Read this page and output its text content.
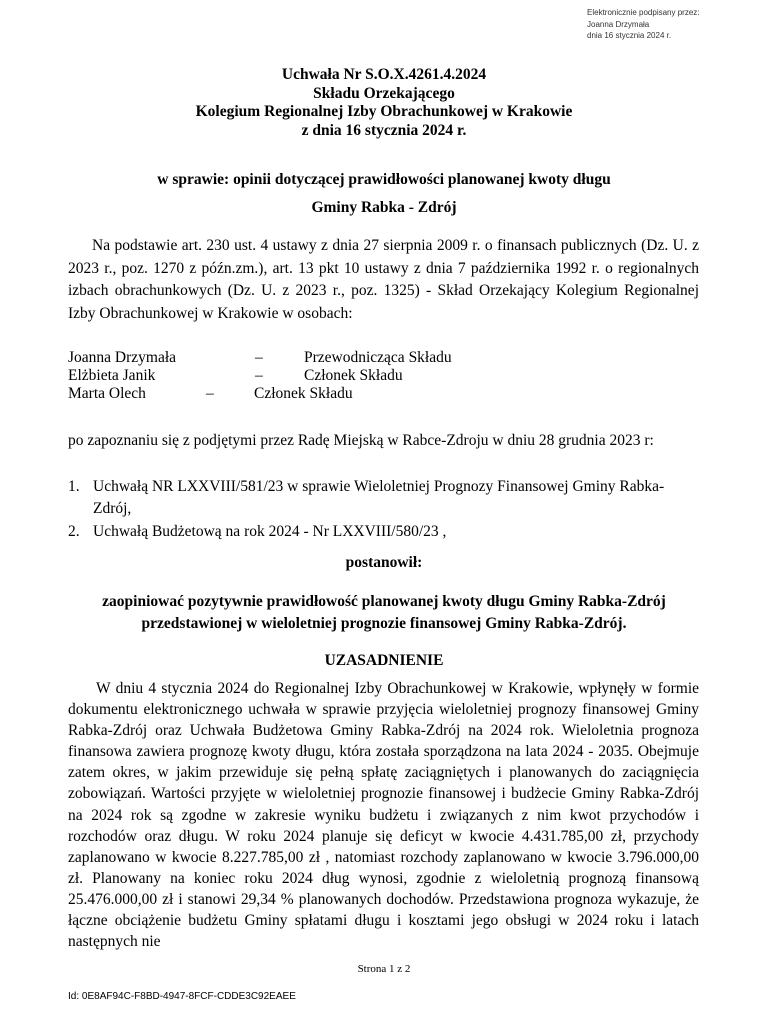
Elektronicznie podpisany przez:
Joanna Drzymała
dnia 16 stycznia 2024 r.
Uchwała Nr S.O.X.4261.4.2024
Składu Orzekającego
Kolegium Regionalnej Izby Obrachunkowej w Krakowie
z dnia 16 stycznia 2024 r.
w sprawie: opinii dotyczącej prawidłowości planowanej kwoty długu
Gminy Rabka - Zdrój
Na podstawie art. 230 ust. 4 ustawy z dnia 27 sierpnia 2009 r. o finansach publicznych (Dz. U. z 2023 r., poz. 1270 z późn.zm.), art. 13 pkt 10 ustawy z dnia 7 października 1992 r. o regionalnych izbach obrachunkowych (Dz. U. z 2023 r., poz. 1325) - Skład Orzekający Kolegium Regionalnej Izby Obrachunkowej w Krakowie w osobach:
Joanna Drzymała	–	Przewodnicząca Składu
Elżbieta Janik	–	Członek Składu
Marta Olech	–	Członek Składu
po zapoznaniu się z podjętymi przez Radę Miejską w Rabce-Zdroju w dniu 28 grudnia 2023 r:
1. Uchwałą NR LXXVIII/581/23 w sprawie Wieloletniej Prognozy Finansowej Gminy Rabka-Zdrój,
2. Uchwałą Budżetową na rok 2024 - Nr LXXVIII/580/23 ,
postanowił:
zaopiniować pozytywnie prawidłowość planowanej kwoty długu Gminy Rabka-Zdrój
przedstawionej w wieloletniej prognozie finansowej Gminy Rabka-Zdrój.
UZASADNIENIE
W dniu 4 stycznia 2024 do Regionalnej Izby Obrachunkowej w Krakowie, wpłynęły w formie dokumentu elektronicznego uchwała w sprawie przyjęcia wieloletniej prognozy finansowej Gminy Rabka-Zdrój oraz Uchwała Budżetowa Gminy Rabka-Zdrój na 2024 rok. Wieloletnia prognoza finansowa zawiera prognozę kwoty długu, która została sporządzona na lata 2024 - 2035. Obejmuje zatem okres, w jakim przewiduje się pełną spłatę zaciągniętych i planowanych do zaciągnięcia zobowiązań. Wartości przyjęte w wieloletniej prognozie finansowej i budżecie Gminy Rabka-Zdrój na 2024 rok są zgodne w zakresie wyniku budżetu i związanych z nim kwot przychodów i rozchodów oraz długu. W roku 2024 planuje się deficyt w kwocie 4.431.785,00 zł, przychody zaplanowano w kwocie 8.227.785,00 zł , natomiast rozchody zaplanowano w kwocie 3.796.000,00 zł. Planowany na koniec roku 2024 dług wynosi, zgodnie z wieloletnią prognozą finansową 25.476.000,00 zł i stanowi 29,34 % planowanych dochodów. Przedstawiona prognoza wykazuje, że łączne obciążenie budżetu Gminy spłatami długu i kosztami jego obsługi w 2024 roku i latach następnych nie
Strona 1 z 2
Id: 0E8AF94C-F8BD-4947-8FCF-CDDE3C92EAEE
